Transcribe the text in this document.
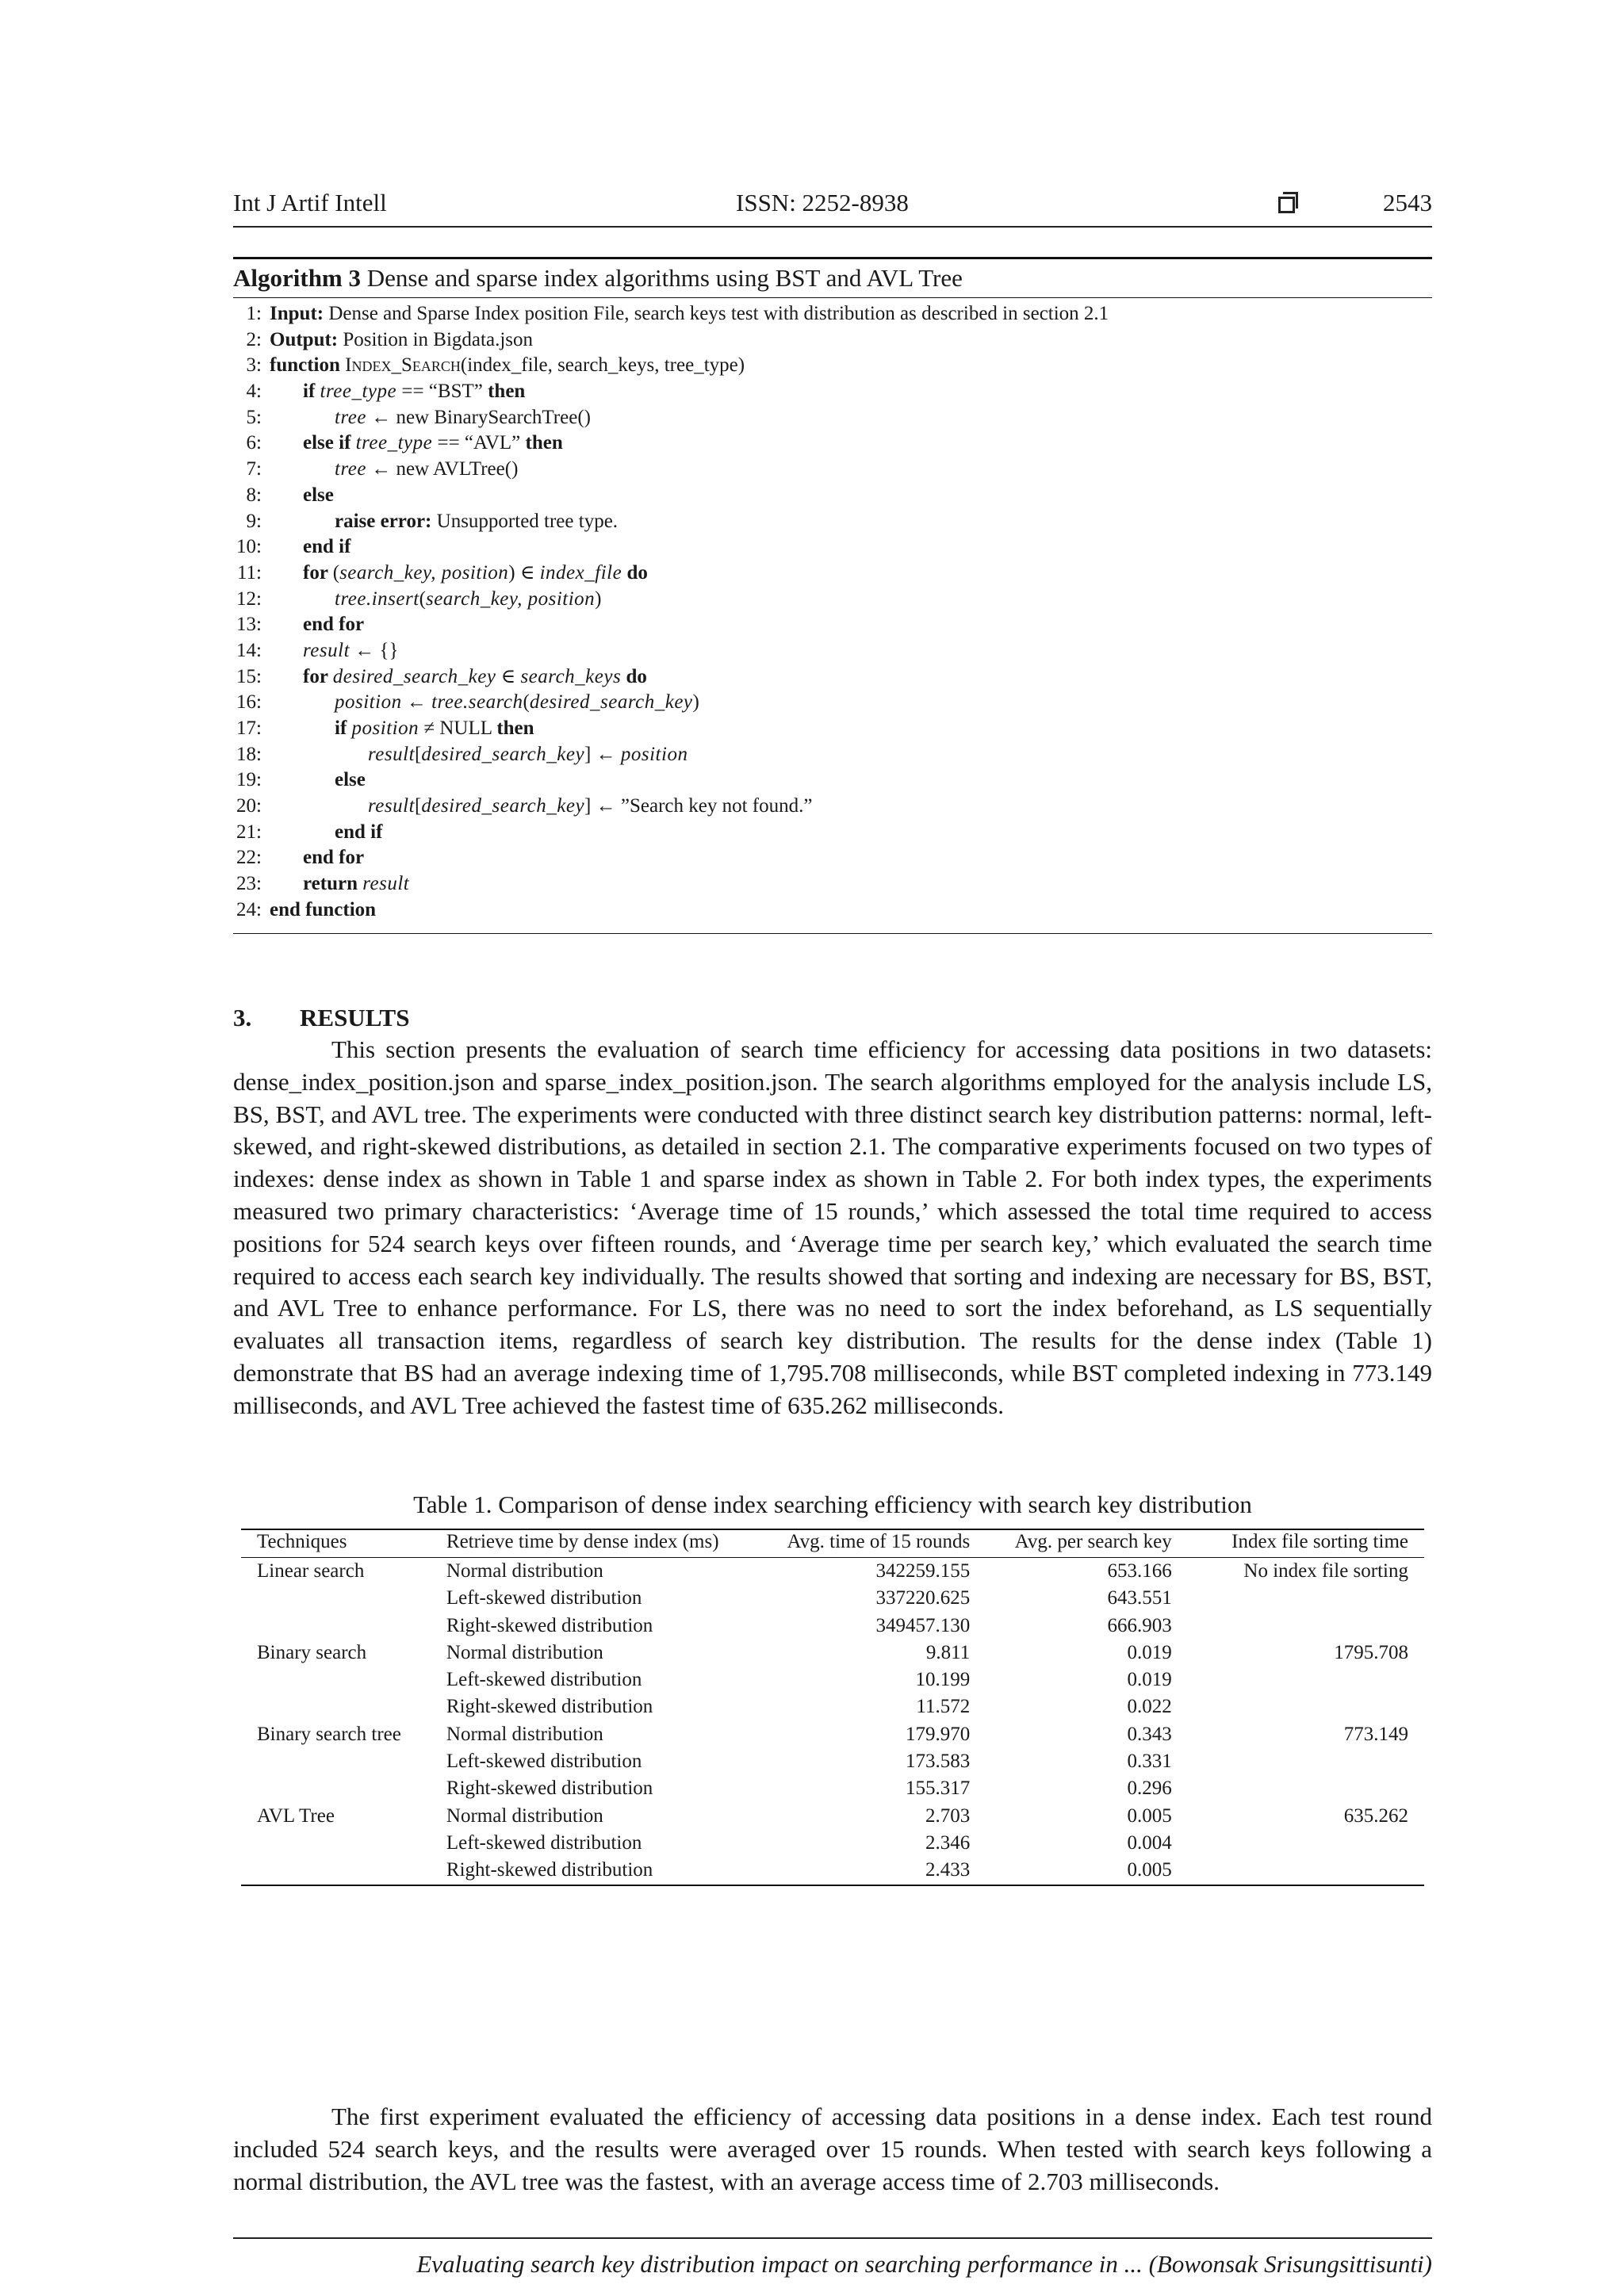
Int J Artif Intell	ISSN: 2252-8938	2543
Algorithm 3 Dense and sparse index algorithms using BST and AVL Tree
1: Input: Dense and Sparse Index position File, search keys test with distribution as described in section 2.1
2: Output: Position in Bigdata.json
3: function Index_Search(index_file, search_keys, tree_type)
4: if tree_type == “BST” then
5:	tree ← new BinarySearchTree()
6: else if tree_type == “AVL” then
7:	tree ← new AVLTree()
8: else
9:	raise error: Unsupported tree type.
10: end if
11: for (search_key, position) ∈ index_file do
12:	tree.insert(search_key, position)
13: end for
14: result ← {}
15: for desired_search_key ∈ search_keys do
16:	position ← tree.search(desired_search_key)
17:	if position ≠ NULL then
18:	result[desired_search_key] ← position
19:	else
20:	result[desired_search_key] ← ”Search key not found.”
21:	end if
22: end for
23: return result
24: end function
3. RESULTS
This section presents the evaluation of search time efficiency for accessing data positions in two datasets: dense_index_position.json and sparse_index_position.json. The search algorithms employed for the analysis include LS, BS, BST, and AVL tree. The experiments were conducted with three distinct search key distribution patterns: normal, left-skewed, and right-skewed distributions, as detailed in section 2.1. The comparative experiments focused on two types of indexes: dense index as shown in Table 1 and sparse index as shown in Table 2. For both index types, the experiments measured two primary characteristics: ‘Average time of 15 rounds,’ which assessed the total time required to access positions for 524 search keys over fifteen rounds, and ‘Average time per search key,’ which evaluated the search time required to access each search key individually. The results showed that sorting and indexing are necessary for BS, BST, and AVL Tree to enhance performance. For LS, there was no need to sort the index beforehand, as LS sequentially evaluates all transaction items, regardless of search key distribution. The results for the dense index (Table 1) demonstrate that BS had an average indexing time of 1,795.708 milliseconds, while BST completed indexing in 773.149 milliseconds, and AVL Tree achieved the fastest time of 635.262 milliseconds.
Table 1. Comparison of dense index searching efficiency with search key distribution
Techniques	Retrieve time by dense index (ms)	Avg. time of 15 rounds	Avg. per search key	Index file sorting time
Linear search	Normal distribution	342259.155	653.166	No index file sorting
	Left-skewed distribution	337220.625	643.551	
	Right-skewed distribution	349457.130	666.903	
Binary search	Normal distribution	9.811	0.019	1795.708
	Left-skewed distribution	10.199	0.019	
	Right-skewed distribution	11.572	0.022	
Binary search tree	Normal distribution	179.970	0.343	773.149
	Left-skewed distribution	173.583	0.331	
	Right-skewed distribution	155.317	0.296	
AVL Tree	Normal distribution	2.703	0.005	635.262
	Left-skewed distribution	2.346	0.004	
	Right-skewed distribution	2.433	0.005	
The first experiment evaluated the efficiency of accessing data positions in a dense index. Each test round included 524 search keys, and the results were averaged over 15 rounds. When tested with search keys following a normal distribution, the AVL tree was the fastest, with an average access time of 2.703 milliseconds.
Evaluating search key distribution impact on searching performance in ... (Bowonsak Srisungsittisunti)
